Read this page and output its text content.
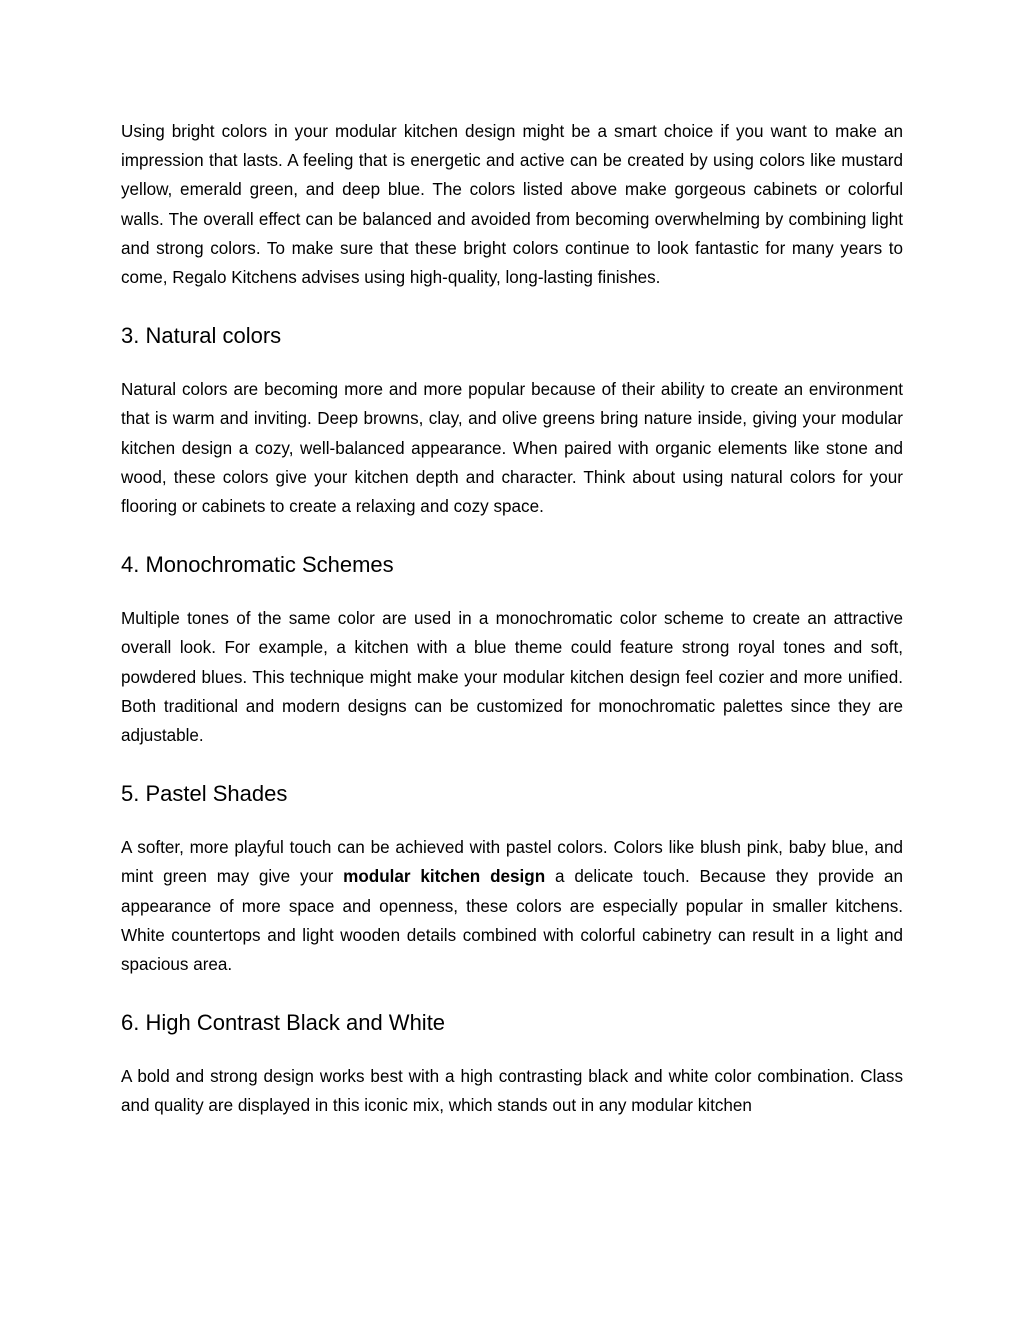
Using bright colors in your modular kitchen design might be a smart choice if you want to make an impression that lasts. A feeling that is energetic and active can be created by using colors like mustard yellow, emerald green, and deep blue. The colors listed above make gorgeous cabinets or colorful walls. The overall effect can be balanced and avoided from becoming overwhelming by combining light and strong colors. To make sure that these bright colors continue to look fantastic for many years to come, Regalo Kitchens advises using high-quality, long-lasting finishes.

3. Natural colors

Natural colors are becoming more and more popular because of their ability to create an environment that is warm and inviting. Deep browns, clay, and olive greens bring nature inside, giving your modular kitchen design a cozy, well-balanced appearance. When paired with organic elements like stone and wood, these colors give your kitchen depth and character. Think about using natural colors for your flooring or cabinets to create a relaxing and cozy space.

4. Monochromatic Schemes

Multiple tones of the same color are used in a monochromatic color scheme to create an attractive overall look. For example, a kitchen with a blue theme could feature strong royal tones and soft, powdered blues. This technique might make your modular kitchen design feel cozier and more unified. Both traditional and modern designs can be customized for monochromatic palettes since they are adjustable.

5. Pastel Shades

A softer, more playful touch can be achieved with pastel colors. Colors like blush pink, baby blue, and mint green may give your modular kitchen design a delicate touch. Because they provide an appearance of more space and openness, these colors are especially popular in smaller kitchens. White countertops and light wooden details combined with colorful cabinetry can result in a light and spacious area.

6. High Contrast Black and White

A bold and strong design works best with a high contrasting black and white color combination. Class and quality are displayed in this iconic mix, which stands out in any modular kitchen
